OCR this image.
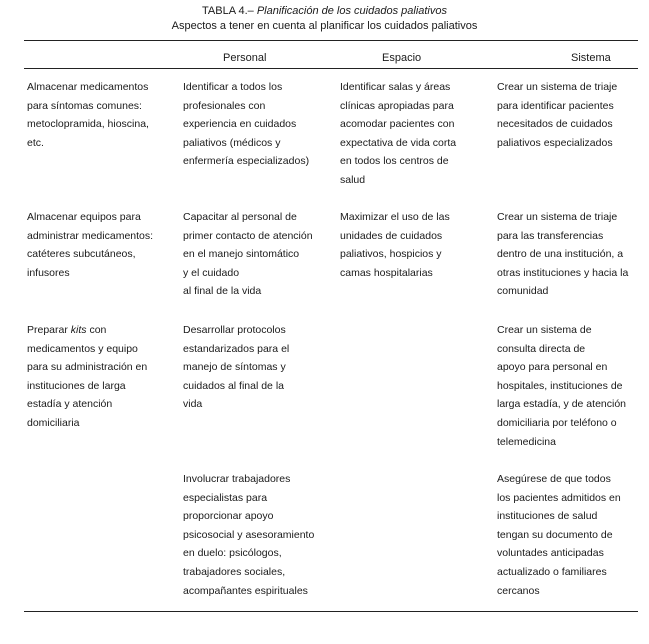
TABLA 4.– Planificación de los cuidados paliativos
Aspectos a tener en cuenta al planificar los cuidados paliativos
Personal	Espacio	Sistema
Almacenar medicamentos
para síntomas comunes:
metoclopramida, hioscina,
etc.
Identificar a todos los
profesionales con
experiencia en cuidados
paliativos (médicos y
enfermería especializados)
Identificar salas y áreas
clínicas apropiadas para
acomodar pacientes con
expectativa de vida corta
en todos los centros de
salud
Crear un sistema de triaje
para identificar pacientes
necesitados de cuidados
paliativos especializados
Almacenar equipos para
administrar medicamentos:
catéteres subcutáneos,
infusores
Capacitar al personal de
primer contacto de atención
en el manejo sintomático
y el cuidado
al final de la vida
Maximizar el uso de las
unidades de cuidados
paliativos, hospicios y
camas hospitalarias
Crear un sistema de triaje
para las transferencias
dentro de una institución, a
otras instituciones y hacia la
comunidad
Preparar kits con
medicamentos y equipo
para su administración en
instituciones de larga
estadía y atención
domiciliaria
Desarrollar protocolos
estandarizados para el
manejo de síntomas y
cuidados al final de la
vida
Crear un sistema de
consulta directa de
apoyo para personal en
hospitales, instituciones de
larga estadía, y de atención
domiciliaria por teléfono o
telemedicina
Involucrar trabajadores
especialistas para
proporcionar apoyo
psicosocial y asesoramiento
en duelo: psicólogos,
trabajadores sociales,
acompañantes espirituales
Asegúrese de que todos
los pacientes admitidos en
instituciones de salud
tengan su documento de
voluntades anticipadas
actualizado o familiares
cercanos
